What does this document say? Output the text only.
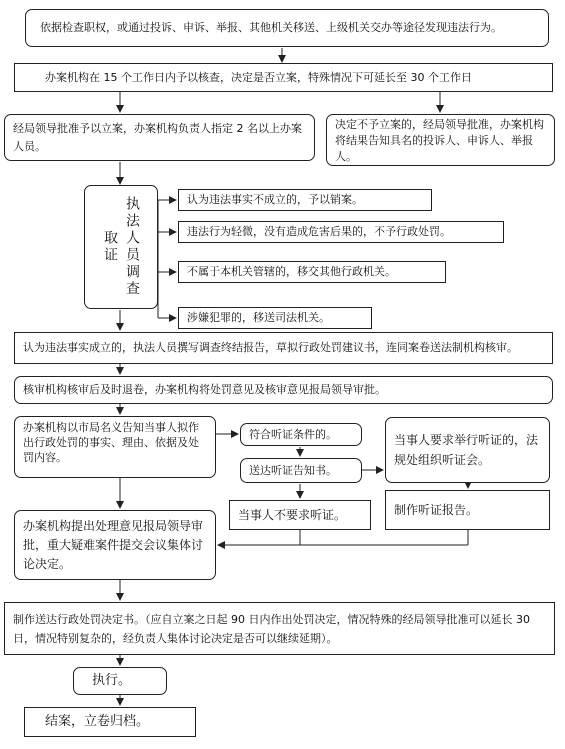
依据检查职权，或通过投诉、申诉、举报、其他机关移送、上级机关交办等途径发现违法行为。
办案机构在 15 个工作日内予以核查，决定是否立案，特殊情况下可延长至 30 个工作日
经局领导批准予以立案，办案机构负责人指定 2 名以上办案人员。
决定不予立案的，经局领导批准，办案机构将结果告知具名的投诉人、申诉人、举报人。
执法人员调查取证
认为违法事实不成立的，予以销案。
违法行为轻微，没有造成危害后果的，不予行政处罚。
不属于本机关管辖的，移交其他行政机关。
涉嫌犯罪的，移送司法机关。
认为违法事实成立的，执法人员撰写调查终结报告，草拟行政处罚建议书，连同案卷送法制机构核审。
核审机构核审后及时退卷，办案机构将处罚意见及核审意见报局领导审批。
办案机构以市局名义告知当事人拟作出行政处罚的事实、理由、依据及处罚内容。
符合听证条件的。
送达听证告知书。
当事人不要求听证。
当事人要求举行听证的，法规处组织听证会。
制作听证报告。
办案机构提出处理意见报局领导审批，重大疑难案件提交会议集体讨论决定。
制作送达行政处罚决定书。（应自立案之日起 90 日内作出处罚决定，情况特殊的经局领导批准可以延长 30 日，情况特别复杂的，经负责人集体讨论决定是否可以继续延期）。
执行。
结案，立卷归档。
